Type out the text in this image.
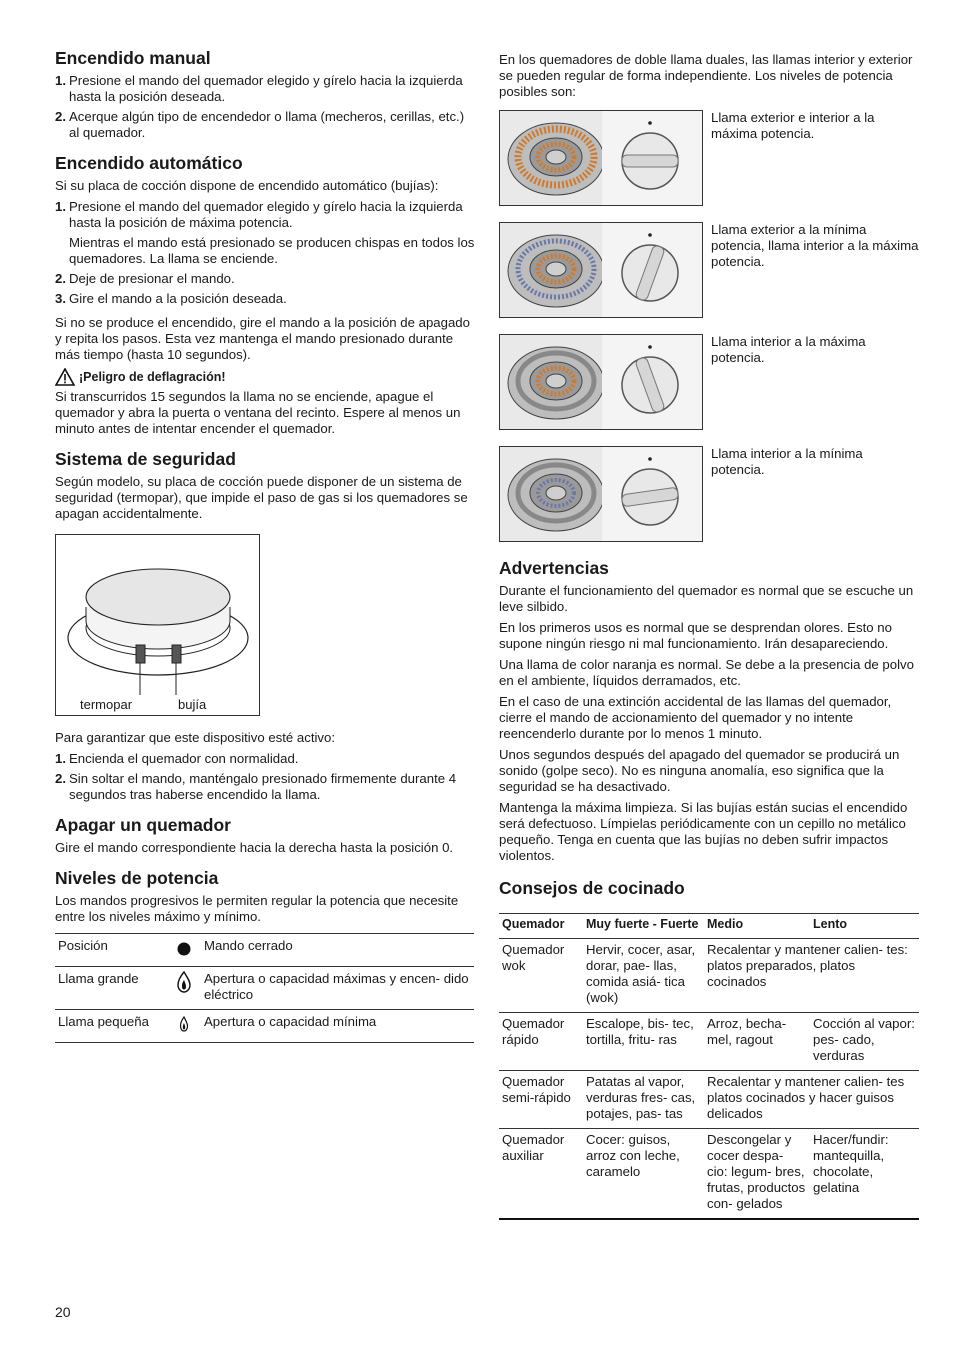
Encendido manual
1. Presione el mando del quemador elegido y gírelo hacia la izquierda hasta la posición deseada.
2. Acerque algún tipo de encendedor o llama (mecheros, cerillas, etc.) al quemador.
Encendido automático

Si su placa de cocción dispone de encendido automático (bujías):

1. Presione el mando del quemador elegido y gírelo hacia la izquierda hasta la posición de máxima potencia.
Mientras el mando está presionado se producen chispas en todos los quemadores. La llama se enciende.
2. Deje de presionar el mando.
3. Gire el mando a la posición deseada.

Si no se produce el encendido, gire el mando a la posición de apagado y repita los pasos. Esta vez mantenga el mando presionado durante más tiempo (hasta 10 segundos).

¡Peligro de deflagración!

Si transcurridos 15 segundos la llama no se enciende, apague el quemador y abra la puerta o ventana del recinto. Espere al menos un minuto antes de intentar encender el quemador.

Sistema de seguridad

Según modelo, su placa de cocción puede disponer de un sistema de seguridad (termopar), que impide el paso de gas si los quemadores se apagan accidentalmente.

termopar	bujía

Para garantizar que este dispositivo esté activo:

1. Encienda el quemador con normalidad.
2. Sin soltar el mando, manténgalo presionado firmemente durante 4 segundos tras haberse encendido la llama.
Apagar un quemador

Gire el mando correspondiente hacia la derecha hasta la posición 0.

Niveles de potencia

Los mandos progresivos le permiten regular la potencia que necesite entre los niveles máximo y mínimo.

Posición		Mando cerrado
Llama grande		Apertura o capacidad máximas y encen- dido eléctrico
Llama pequeña		Apertura o capacidad mínima

En los quemadores de doble llama duales, las llamas interior y exterior se pueden regular de forma independiente. Los niveles de potencia posibles son:

Llama exterior e interior a la máxima potencia.
Llama exterior a la mínima potencia, llama interior a la máxima potencia.
Llama interior a la máxima potencia.
Llama interior a la mínima potencia.
Advertencias

Durante el funcionamiento del quemador es normal que se escuche un leve silbido.

En los primeros usos es normal que se desprendan olores. Esto no supone ningún riesgo ni mal funcionamiento. Irán desapareciendo.

Una llama de color naranja es normal. Se debe a la presencia de polvo en el ambiente, líquidos derramados, etc.

En el caso de una extinción accidental de las llamas del quemador, cierre el mando de accionamiento del quemador y no intente reencenderlo durante por lo menos 1 minuto.

Unos segundos después del apagado del quemador se producirá un sonido (golpe seco). No es ninguna anomalía, eso significa que la seguridad se ha desactivado.

Mantenga la máxima limpieza. Si las bujías están sucias el encendido será defectuoso. Límpielas periódicamente con un cepillo no metálico pequeño. Tenga en cuenta que las bujías no deben sufrir impactos violentos.

Consejos de cocinado
Quemador	Muy fuerte - Fuerte	Medio	Lento
Quemador wok	Hervir, cocer, asar, dorar, pae- llas, comida asiá- tica (wok)	Recalentar y mantener calien- tes: platos preparados, platos cocinados	
Quemador rápido	Escalope, bis- tec, tortilla, fritu- ras	Arroz, becha- mel, ragout	Cocción al vapor: pes- cado, verduras
Quemador semi-rápido	Patatas al vapor, verduras fres- cas, potajes, pas- tas	Recalentar y mantener calien- tes platos cocinados y hacer guisos delicados	
Quemador auxiliar	Cocer: guisos, arroz con leche, caramelo	Descongelar y cocer despa- cio: legum- bres, frutas, productos con- gelados	Hacer/fundir: mantequilla, chocolate, gelatina
20
